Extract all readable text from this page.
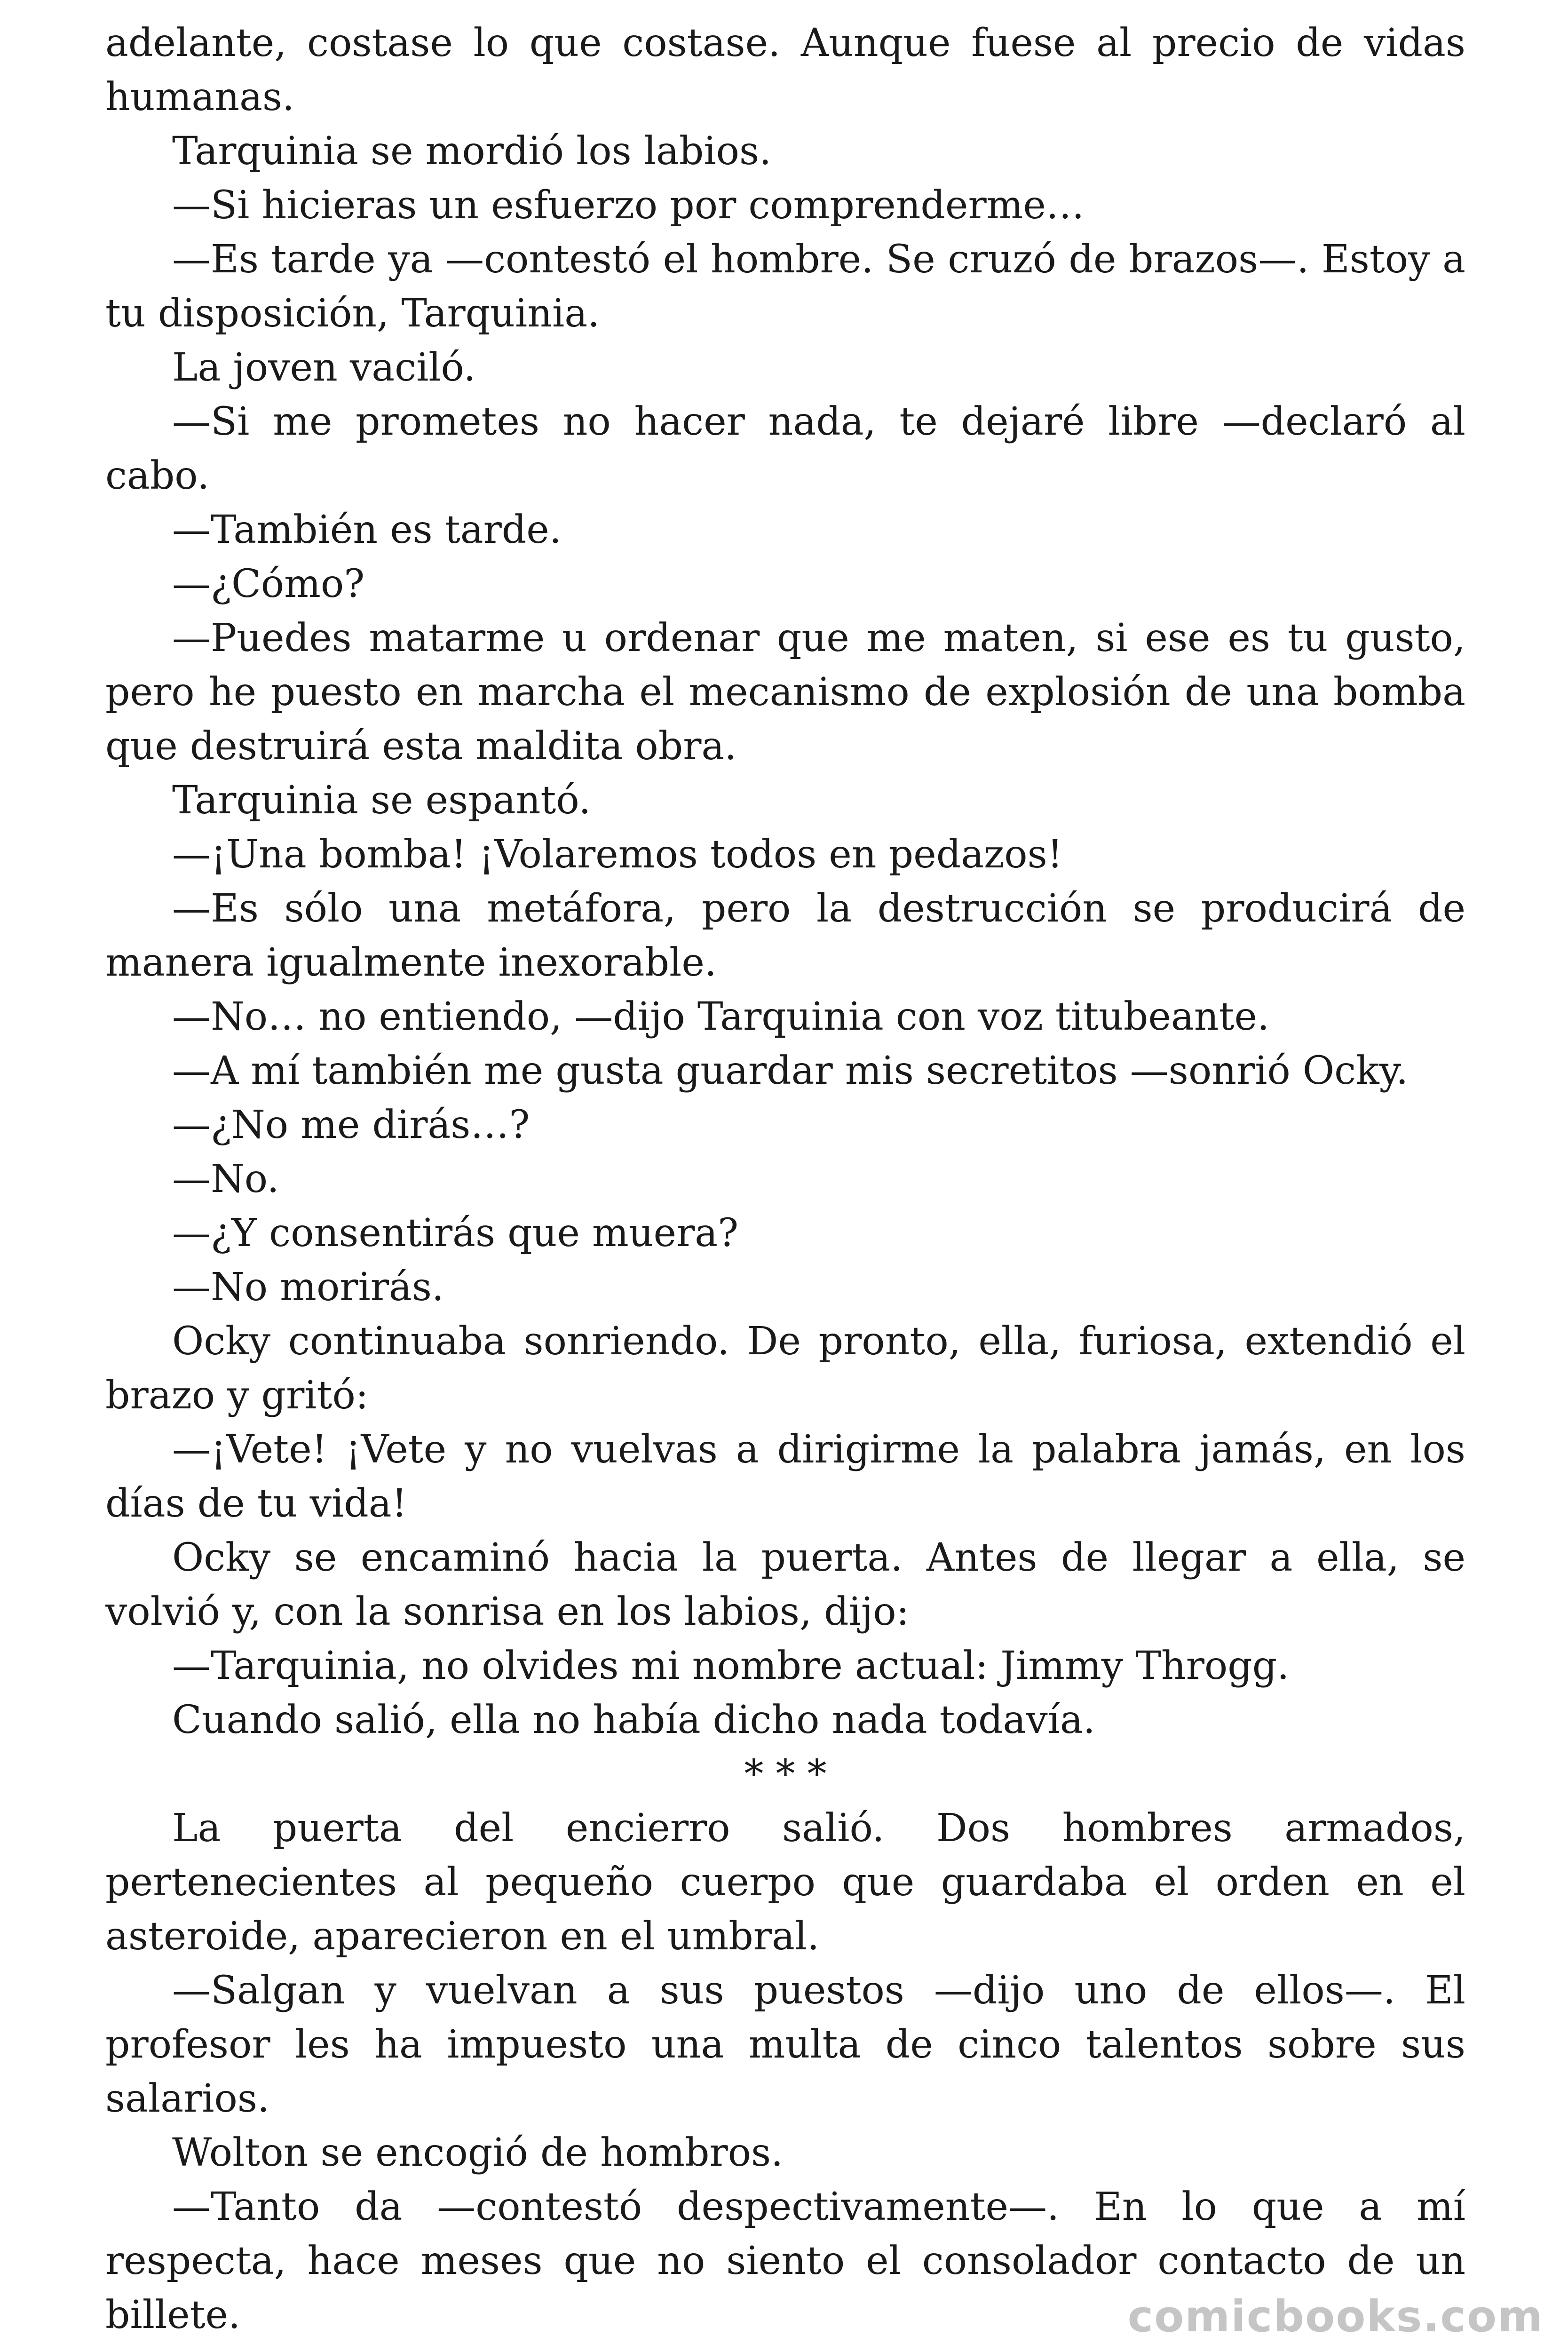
adelante, costase lo que costase. Aunque fuese al precio de vidas humanas.

Tarquinia se mordió los labios.

—Si hicieras un esfuerzo por comprenderme…

—Es tarde ya —contestó el hombre. Se cruzó de brazos—. Estoy a tu disposición, Tarquinia.

La joven vaciló.

—Si me prometes no hacer nada, te dejaré libre —declaró al cabo.

—También es tarde.

—¿Cómo?

—Puedes matarme u ordenar que me maten, si ese es tu gusto, pero he puesto en marcha el mecanismo de explosión de una bomba que destruirá esta maldita obra.

Tarquinia se espantó.

—¡Una bomba! ¡Volaremos todos en pedazos!

—Es sólo una metáfora, pero la destrucción se producirá de manera igualmente inexorable.

—No… no entiendo, —dijo Tarquinia con voz titubeante.

—A mí también me gusta guardar mis secretitos —sonrió Ocky.

—¿No me dirás…?

—No.

—¿Y consentirás que muera?

—No morirás.

Ocky continuaba sonriendo. De pronto, ella, furiosa, extendió el brazo y gritó:

—¡Vete! ¡Vete y no vuelvas a dirigirme la palabra jamás, en los días de tu vida!

Ocky se encaminó hacia la puerta. Antes de llegar a ella, se volvió y, con la sonrisa en los labios, dijo:

—Tarquinia, no olvides mi nombre actual: Jimmy Throgg.

Cuando salió, ella no había dicho nada todavía.

* * *

La puerta del encierro salió. Dos hombres armados, pertenecientes al pequeño cuerpo que guardaba el orden en el asteroide, aparecieron en el umbral.

—Salgan y vuelvan a sus puestos —dijo uno de ellos—. El profesor les ha impuesto una multa de cinco talentos sobre sus salarios.

Wolton se encogió de hombros.

—Tanto da —contestó despectivamente—. En lo que a mí respecta, hace meses que no siento el consolador contacto de un billete.	comicbooks.com
